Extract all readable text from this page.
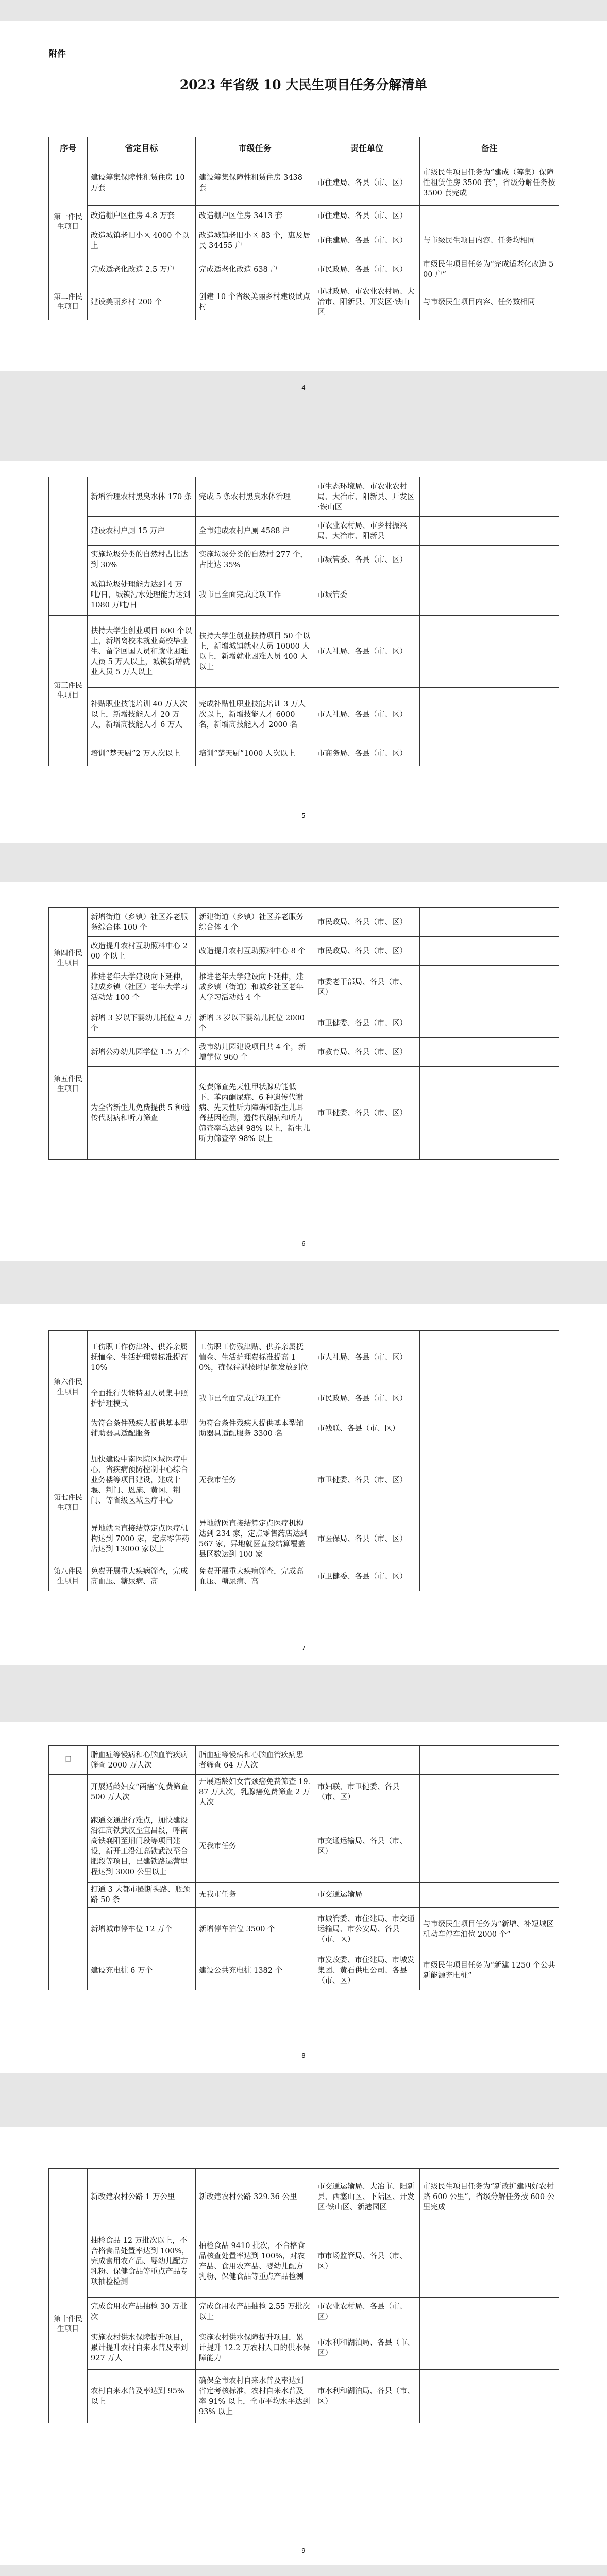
附件
2023 年省级 10 大民生项目任务分解清单
序号	省定目标	市级任务	责任单位	备注
第一件民生项目	建设筹集保障性租赁住房 10 万套	建设筹集保障性租赁住房 3438 套	市住建局、各县（市、区）	市级民生项目任务为“建成（筹集）保障性租赁住房 3500 套”，省级分解任务按 3500 套完成
	改造棚户区住房 4.8 万套	改造棚户区住房 3413 套	市住建局、各县（市、区）	
	改造城镇老旧小区 4000 个以上	改造城镇老旧小区 83 个，惠及居民 34455 户	市住建局、各县（市、区）	与市级民生项目内容、任务均相同
	完成适老化改造 2.5 万户	完成适老化改造 638 户	市民政局、各县（市、区）	市级民生项目任务为“完成适老化改造 500 户”
第二件民生项目	建设美丽乡村 200 个	创建 10 个省级美丽乡村建设试点村	市财政局、市农业农村局、大冶市、阳新县、开发区·铁山区	与市级民生项目内容、任务数相同
4
	新增治理农村黑臭水体 170 条	完成 5 条农村黑臭水体治理	市生态环境局、市农业农村局、大冶市、阳新县、开发区·铁山区	
	建设农村户厕 15 万户	全市建成农村户厕 4588 户	市农业农村局、市乡村振兴局、大冶市、阳新县	
	实施垃圾分类的自然村占比达到 30%	实施垃圾分类的自然村 277 个，占比达 35%	市城管委、各县（市、区）	
	城镇垃圾处理能力达到 4 万吨/日，城镇污水处理能力达到 1080 万吨/日	我市已全面完成此项工作	市城管委	
第三件民生项目	扶持大学生创业项目 600 个以上，新增离校未就业高校毕业生、留学回国人员和就业困难人员 5 万人以上，城镇新增就业人员 5 万人以上	扶持大学生创业扶持项目 50 个以上，新增城镇就业人员 10000 人以上，新增就业困难人员 400 人以上	市人社局、各县（市、区）	
	补贴职业技能培训 40 万人次以上，新增技能人才 20 万人，新增高技能人才 6 万人	完成补贴性职业技能培训 3 万人次以上，新增技能人才 6000 名，新增高技能人才 2000 名	市人社局、各县（市、区）	
	培训“楚天厨”2 万人次以上	培训“楚天厨”1000 人次以上	市商务局、各县（市、区）	
5
第四件民生项目	新增街道（乡镇）社区养老服务综合体 100 个	新建街道（乡镇）社区养老服务综合体 4 个	市民政局、各县（市、区）	
	改造提升农村互助照料中心 200 个以上	改造提升农村互助照料中心 8 个	市民政局、各县（市、区）	
	推进老年大学建设向下延伸，建成乡镇（社区）老年大学习活动站 100 个	推进老年大学建设向下延伸，建成乡镇（街道）和城乡社区老年人学习活动站 4 个	市委老干部局、各县（市、区）	
第五件民生项目	新增 3 岁以下婴幼儿托位 4 万个	新增 3 岁以下婴幼儿托位 2000 个	市卫健委、各县（市、区）	
	新增公办幼儿园学位 1.5 万个	我市幼儿园建设项目共 4 个，新增学位 960 个	市教育局、各县（市、区）	
	为全省新生儿免费提供 5 种遗传代谢病和听力筛查	免费筛查先天性甲状腺功能低下、苯丙酮尿症、6 种遗传代谢病、先天性听力障碍和新生儿耳聋基因检测，遗传代谢病和听力筛查率均达到 98% 以上，新生儿听力筛查率 98% 以上	市卫健委、各县（市、区）	
6
第六件民生项目	工伤职工作伤津补、供养亲属抚恤金、生活护理费标准提高 10%	工伤职工伤残津贴、供养亲属抚恤金、生活护理费标准提高 10%，确保待遇按时足额发放到位	市人社局、各县（市、区）	
	全面推行失能特困人员集中照护护理模式	我市已全面完成此项工作	市民政局、各县（市、区）	
	为符合条件残疾人提供基本型辅助器具适配服务	为符合条件残疾人提供基本型辅助器具适配服务 3300 名	市残联、各县（市、区）	
第七件民生项目	加快建设中南医院区域医疗中心、省疾病预防控制中心综合业务楼等项目建设，建成十堰、荆门、恩施、黄冈、荆门、等省级区域医疗中心	无我市任务	市卫健委、各县（市、区）	
	异地就医直接结算定点医疗机构达到 7000 家，定点零售药店达到 13000 家以上	异地就医直接结算定点医疗机构达到 234 家，定点零售药店达到 567 家，异地就医直接结算覆盖县区数达到 100 家	市医保局、各县（市、区）	
第八件民生项目	免费开展重大疾病筛查，完成高血压、糖尿病、高	免费开展重大疾病筛查，完成高血压、糖尿病、高	市卫健委、各县（市、区）	
7
目	脂血症等慢病和心脑血管疾病筛查 2000 万人次	脂血症等慢病和心脑血管疾病患者筛查 64 万人次		
	开展适龄妇女“两癌”免费筛查 500 万人次	开展适龄妇女宫颈癌免费筛查 19.87 万人次，乳腺癌免费筛查 2 万人次	市妇联、市卫健委、各县（市、区）	
	跑通交通出行难点，加快建设沿江高铁武汉至宜昌段，呼南高铁襄阳至荆门段等项目建设，新开工沿江高铁武汉至合肥段等项目，已建铁路运营里程达到 3000 公里以上	无我市任务	市交通运输局、各县（市、区）	
	打通 3 大都市圈断头路、瓶颈路 50 条	无我市任务	市交通运输局	
	新增城市停车位 12 万个	新增停车泊位 3500 个	市城管委、市住建局、市交通运输局、市公安局、各县（市、区）	与市级民生项目任务为“新增、补短城区机动车停车泊位 2000 个”
	建设充电桩 6 万个	建设公共充电桩 1382 个	市发改委、市住建局、市城发集团、黄石供电公司、各县（市、区）	市级民生项目任务为“新建 1250 个公共新能源充电桩”
8
	新改建农村公路 1 万公里	新改建农村公路 329.36 公里	市交通运输局、大冶市、阳新县、西塞山区、下陆区、开发区·铁山区、新港园区	市级民生项目任务为“新改扩建四好农村路 600 公里”，省级分解任务按 600 公里完成
第十件民生项目	抽检食品 12 万批次以上，不合格食品处置率达到 100%，完成食用农产品、婴幼儿配方乳粉、保健食品等重点产品专项抽检检测	抽检食品 9410 批次，不合格食品核查处置率达到 100%，对农产品、食用农产品、婴幼儿配方乳粉、保健食品等重点产品检测	市市场监管局、各县（市、区）	
	完成食用农产品抽检 30 万批次	完成食用农产品抽检 2.55 万批次以上	市农业农村局、各县（市、区）	
	实施农村供水保障提升项目，累计提升农村自来水普及率到 927 万人	实施农村供水保障提升项目，累计提升 12.2 万农村人口的供水保障能力	市水利和湖泊局、各县（市、区）	
	农村自来水普及率达到 95% 以上	确保全市农村自来水普及率达到省定考核标准，农村自来水普及率 91% 以上，全市平均水平达到 93% 以上	市水利和湖泊局、各县（市、区）	
9
